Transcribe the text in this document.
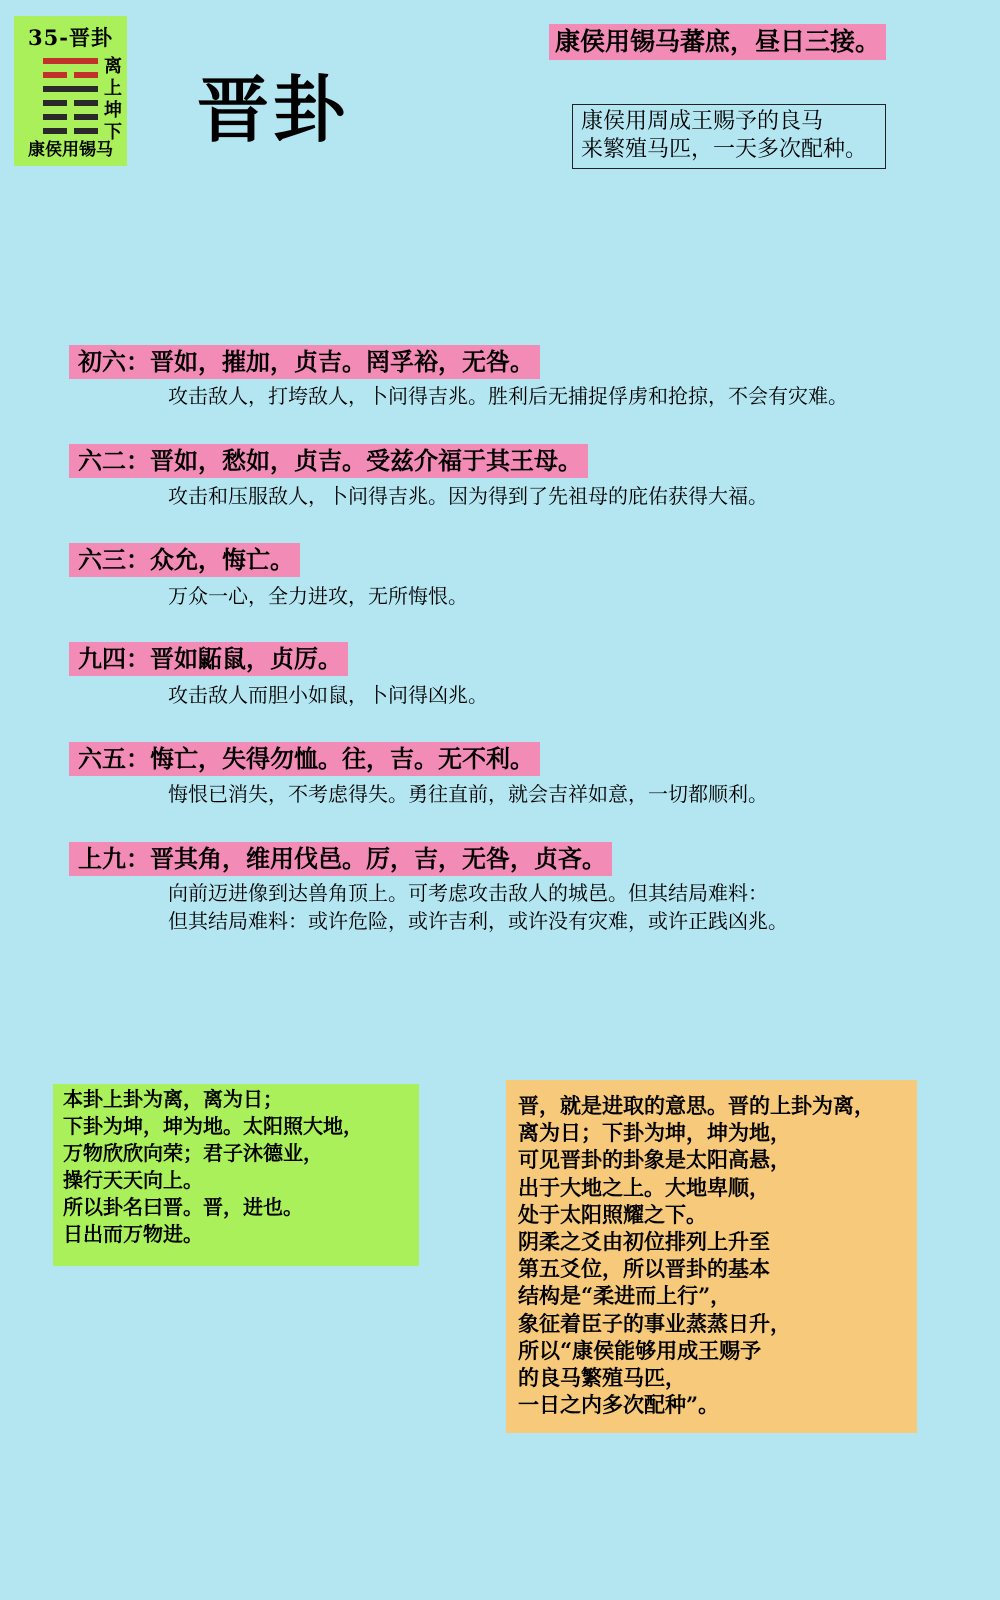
35-晋卦
离
上
坤
下
康侯用锡马 晋卦
康侯用锡马蕃庶，昼日三接。
康侯用周成王赐予的良马
来繁殖马匹，一天多次配种。
初六：晋如，摧加，贞吉。罔孚裕，无咎。
攻击敌人，打垮敌人，卜问得吉兆。胜利后无捕捉俘虏和抢掠，不会有灾难。
六二：晋如，愁如，贞吉。受兹介福于其王母。
攻击和压服敌人，卜问得吉兆。因为得到了先祖母的庇佑获得大福。
六三：众允，悔亡。
万众一心，全力进攻，无所悔恨。
九四：晋如鼫鼠，贞厉。
攻击敌人而胆小如鼠，卜问得凶兆。
六五：悔亡，失得勿恤。往，吉。无不利。
悔恨已消失，不考虑得失。勇往直前，就会吉祥如意，一切都顺利。
上九：晋其角，维用伐邑。厉，吉，无咎，贞吝。
向前迈进像到达兽角顶上。可考虑攻击敌人的城邑。但其结局难料：
但其结局难料：或许危险，或许吉利，或许没有灾难，或许正践凶兆。
本卦上卦为离，离为日；
下卦为坤，坤为地。太阳照大地，
万物欣欣向荣；君子沐德业，
操行天天向上。
所以卦名曰晋。晋，进也。
日出而万物进。
晋，就是进取的意思。晋的上卦为离，
离为日；下卦为坤，坤为地，
可见晋卦的卦象是太阳高悬，
出于大地之上。大地卑顺，
处于太阳照耀之下。
阴柔之爻由初位排列上升至
第五爻位，所以晋卦的基本
结构是“柔进而上行”，
象征着臣子的事业蒸蒸日升，
所以“康侯能够用成王赐予
的良马繁殖马匹，
一日之内多次配种”。
